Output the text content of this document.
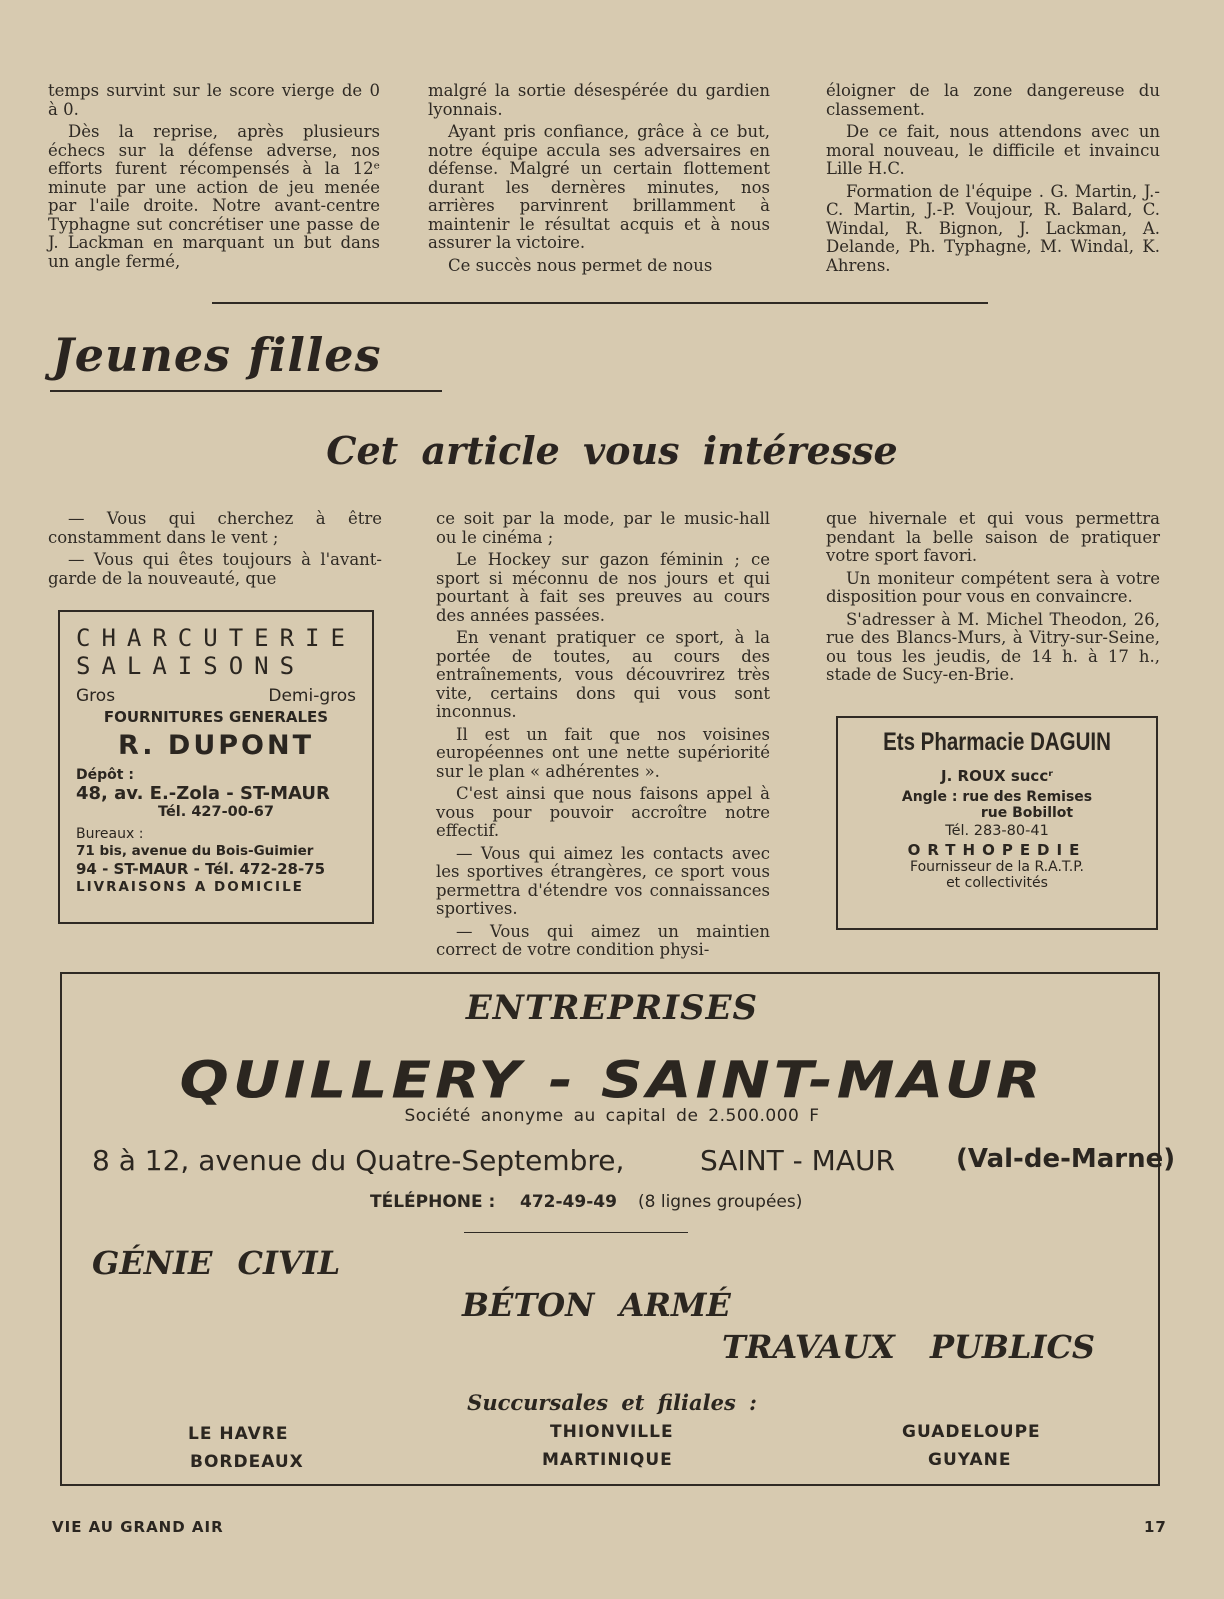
temps survint sur le score vierge de 0 à 0.

Dès la reprise, après plusieurs échecs sur la défense adverse, nos efforts furent récompensés à la 12ᵉ minute par une action de jeu menée par l'aile droite. Notre avant-centre Typhagne sut concrétiser une passe de J. Lackman en marquant un but dans un angle fermé,

malgré la sortie désespérée du gardien lyonnais.

Ayant pris confiance, grâce à ce but, notre équipe accula ses adversaires en défense. Malgré un certain flottement durant les dernères minutes, nos arrières parvinrent brillamment à maintenir le résultat acquis et à nous assurer la victoire.

Ce succès nous permet de nous

éloigner de la zone dangereuse du classement.

De ce fait, nous attendons avec un moral nouveau, le difficile et invaincu Lille H.C.

Formation de l'équipe . G. Martin, J.-C. Martin, J.-P. Voujour, R. Balard, C. Windal, R. Bignon, J. Lackman, A. Delande, Ph. Typhagne, M. Windal, K. Ahrens.

Jeunes filles
Cet article vous intéresse

— Vous qui cherchez à être constamment dans le vent ;

— Vous qui êtes toujours à l'avant-garde de la nouveauté, que

ce soit par la mode, par le music-hall ou le cinéma ;

Le Hockey sur gazon féminin ; ce sport si méconnu de nos jours et qui pourtant à fait ses preuves au cours des années passées.

En venant pratiquer ce sport, à la portée de toutes, au cours des entraînements, vous découvrirez très vite, certains dons qui vous sont inconnus.

Il est un fait que nos voisines européennes ont une nette supériorité sur le plan « adhérentes ».

C'est ainsi que nous faisons appel à vous pour pouvoir accroître notre effectif.

— Vous qui aimez les contacts avec les sportives étrangères, ce sport vous permettra d'étendre vos connaissances sportives.

— Vous qui aimez un maintien correct de votre condition physi-

que hivernale et qui vous permettra pendant la belle saison de pratiquer votre sport favori.

Un moniteur compétent sera à votre disposition pour vous en convaincre.

S'adresser à M. Michel Theodon, 26, rue des Blancs-Murs, à Vitry-sur-Seine, ou tous les jeudis, de 14 h. à 17 h., stade de Sucy-en-Brie.

CHARCUTERIE
SALAISONS
Gros	Demi-gros
FOURNITURES GENERALES
R. DUPONT
Dépôt :
48, av. E.-Zola - ST-MAUR
Tél. 427-00-67
Bureaux :
71 bis, avenue du Bois-Guimier
94 - ST-MAUR - Tél. 472-28-75
LIVRAISONS A DOMICILE
Ets Pharmacie DAGUIN
J. ROUX succʳ
Angle : rue des Remises
rue Bobillot
Tél. 283-80-41
ORTHOPEDIE
Fournisseur de la R.A.T.P.
et collectivités
ENTREPRISES
QUILLERY - SAINT-MAUR
Société anonyme au capital de 2.500.000 F
8 à 12, avenue du Quatre-Septembre,	SAINT - MAUR (Val-de-Marne)
TÉLÉPHONE : 472-49-49 (8 lignes groupées)
GÉNIE CIVIL
BÉTON ARMÉ
TRAVAUX PUBLICS
Succursales et filiales :
LE HAVRE
BORDEAUX
THIONVILLE
MARTINIQUE
GUADELOUPE
GUYANE
VIE AU GRAND AIR	17
